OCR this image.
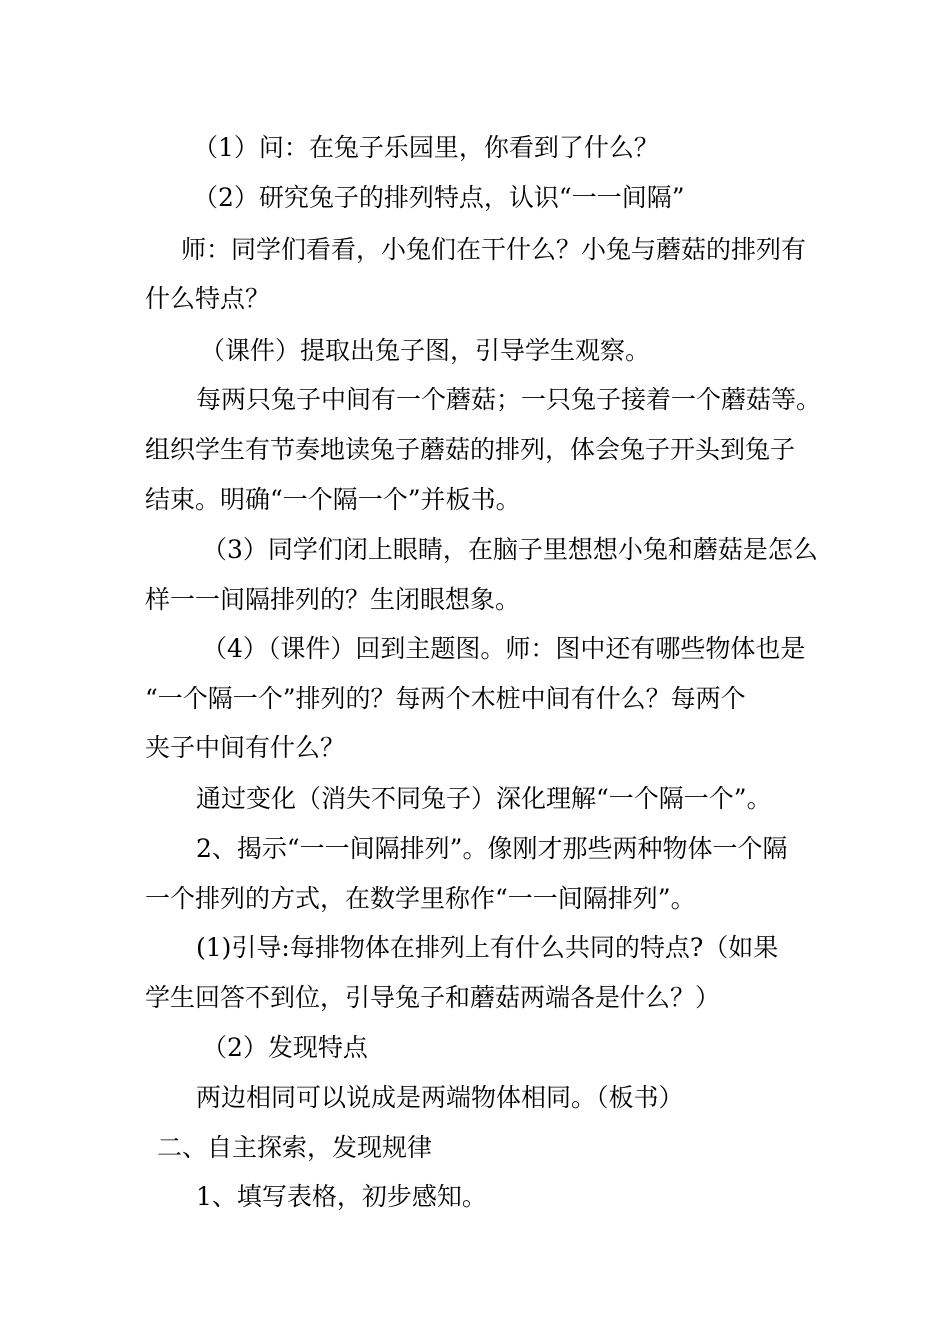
（1）问：在兔子乐园里，你看到了什么？
（2）研究兔子的排列特点，认识“一一间隔”
师：同学们看看，小兔们在干什么？小兔与蘑菇的排列有
什么特点？
（课件）提取出兔子图，引导学生观察。
每两只兔子中间有一个蘑菇；一只兔子接着一个蘑菇等。
组织学生有节奏地读兔子蘑菇的排列，体会兔子开头到兔子
结束。明确“一个隔一个”并板书。
（3）同学们闭上眼睛，在脑子里想想小兔和蘑菇是怎么
样一一间隔排列的？生闭眼想象。
（4）（课件）回到主题图。师：图中还有哪些物体也是
“一个隔一个”排列的？每两个木桩中间有什么？每两个
夹子中间有什么？
通过变化（消失不同兔子）深化理解“一个隔一个”。
2、揭示“一一间隔排列”。像刚才那些两种物体一个隔
一个排列的方式，在数学里称作“一一间隔排列”。
(1)引导:每排物体在排列上有什么共同的特点?（如果
学生回答不到位，引导兔子和蘑菇两端各是什么？）
（2）发现特点
两边相同可以说成是两端物体相同。（板书）
二、自主探索，发现规律
1、填写表格，初步感知。
